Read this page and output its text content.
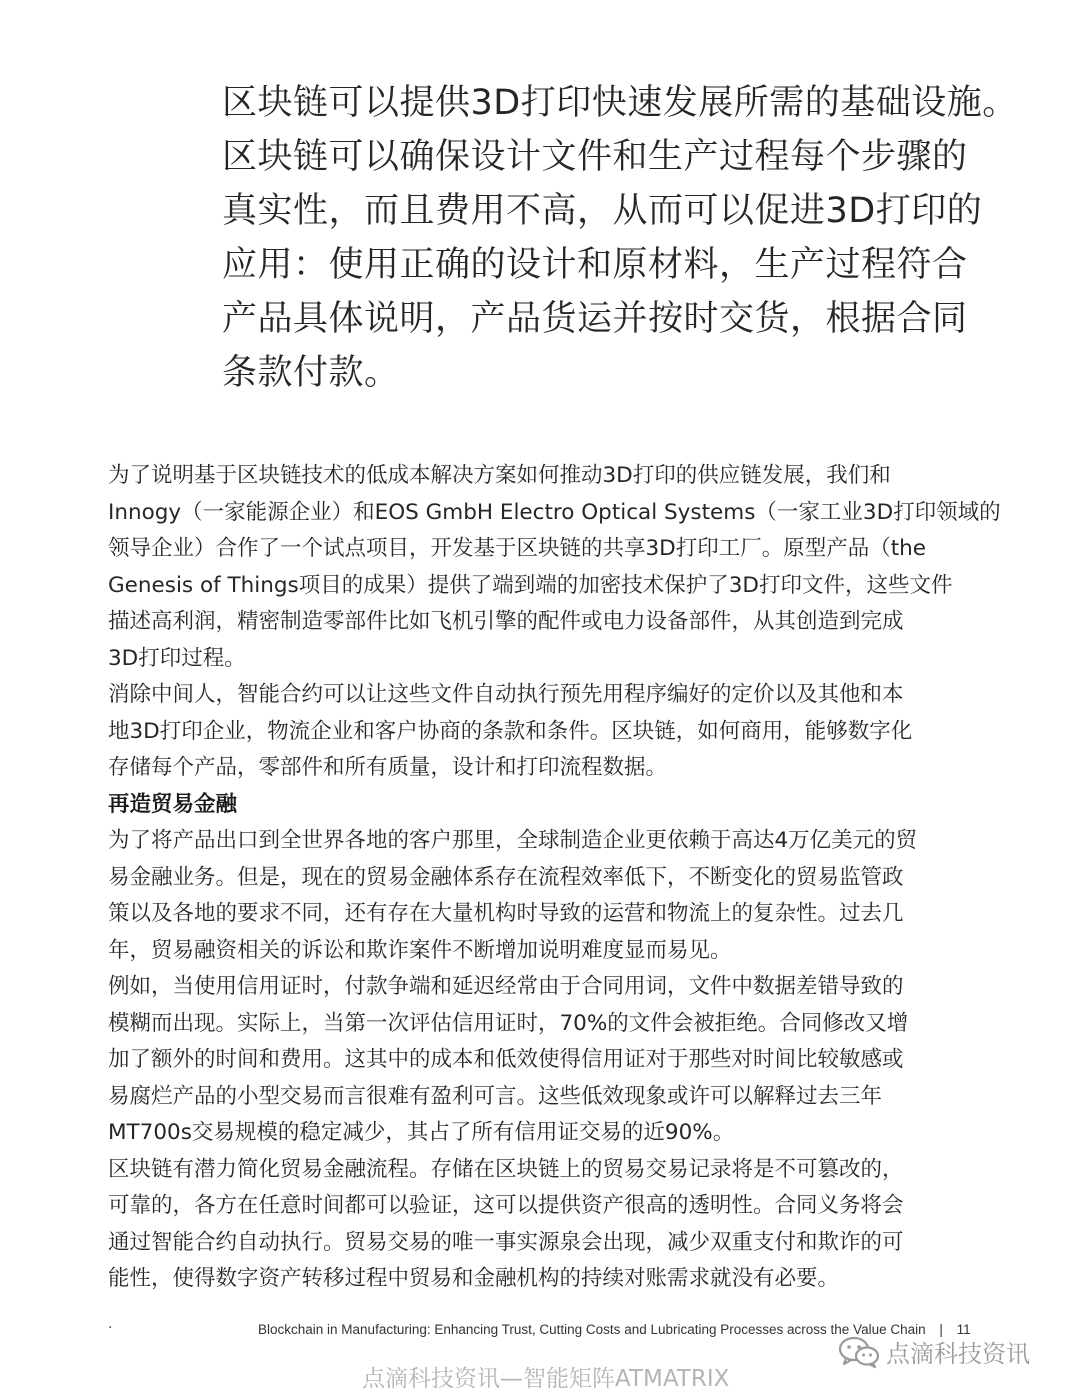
区块链可以提供3D打印快速发展所需的基础设施。
区块链可以确保设计文件和生产过程每个步骤的
真实性，而且费用不高，从而可以促进3D打印的
应用：使用正确的设计和原材料，生产过程符合
产品具体说明，产品货运并按时交货，根据合同
条款付款。
为了说明基于区块链技术的低成本解决方案如何推动3D打印的供应链发展，我们和
Innogy（一家能源企业）和EOS GmbH Electro Optical Systems（一家工业3D打印领域的
领导企业）合作了一个试点项目，开发基于区块链的共享3D打印工厂。原型产品（the
Genesis of Things项目的成果）提供了端到端的加密技术保护了3D打印文件，这些文件
描述高利润，精密制造零部件比如飞机引擎的配件或电力设备部件，从其创造到完成
3D打印过程。
消除中间人，智能合约可以让这些文件自动执行预先用程序编好的定价以及其他和本
地3D打印企业，物流企业和客户协商的条款和条件。区块链，如何商用，能够数字化
存储每个产品，零部件和所有质量，设计和打印流程数据。
再造贸易金融
为了将产品出口到全世界各地的客户那里，全球制造企业更依赖于高达4万亿美元的贸
易金融业务。但是，现在的贸易金融体系存在流程效率低下，不断变化的贸易监管政
策以及各地的要求不同，还有存在大量机构时导致的运营和物流上的复杂性。过去几
年，贸易融资相关的诉讼和欺诈案件不断增加说明难度显而易见。
例如，当使用信用证时，付款争端和延迟经常由于合同用词，文件中数据差错导致的
模糊而出现。实际上，当第一次评估信用证时，70%的文件会被拒绝。合同修改又增
加了额外的时间和费用。这其中的成本和低效使得信用证对于那些对时间比较敏感或
易腐烂产品的小型交易而言很难有盈利可言。这些低效现象或许可以解释过去三年
MT700s交易规模的稳定减少，其占了所有信用证交易的近90%。
区块链有潜力简化贸易金融流程。存储在区块链上的贸易交易记录将是不可篡改的，
可靠的，各方在任意时间都可以验证，这可以提供资产很高的透明性。合同义务将会
通过智能合约自动执行。贸易交易的唯一事实源泉会出现，减少双重支付和欺诈的可
能性，使得数字资产转移过程中贸易和金融机构的持续对账需求就没有必要。
.	Blockchain in Manufacturing: Enhancing Trust, Cutting Costs and Lubricating Processes across the Value Chain | 11
点滴科技资讯
点滴科技资讯—智能矩阵ATMATRIX
